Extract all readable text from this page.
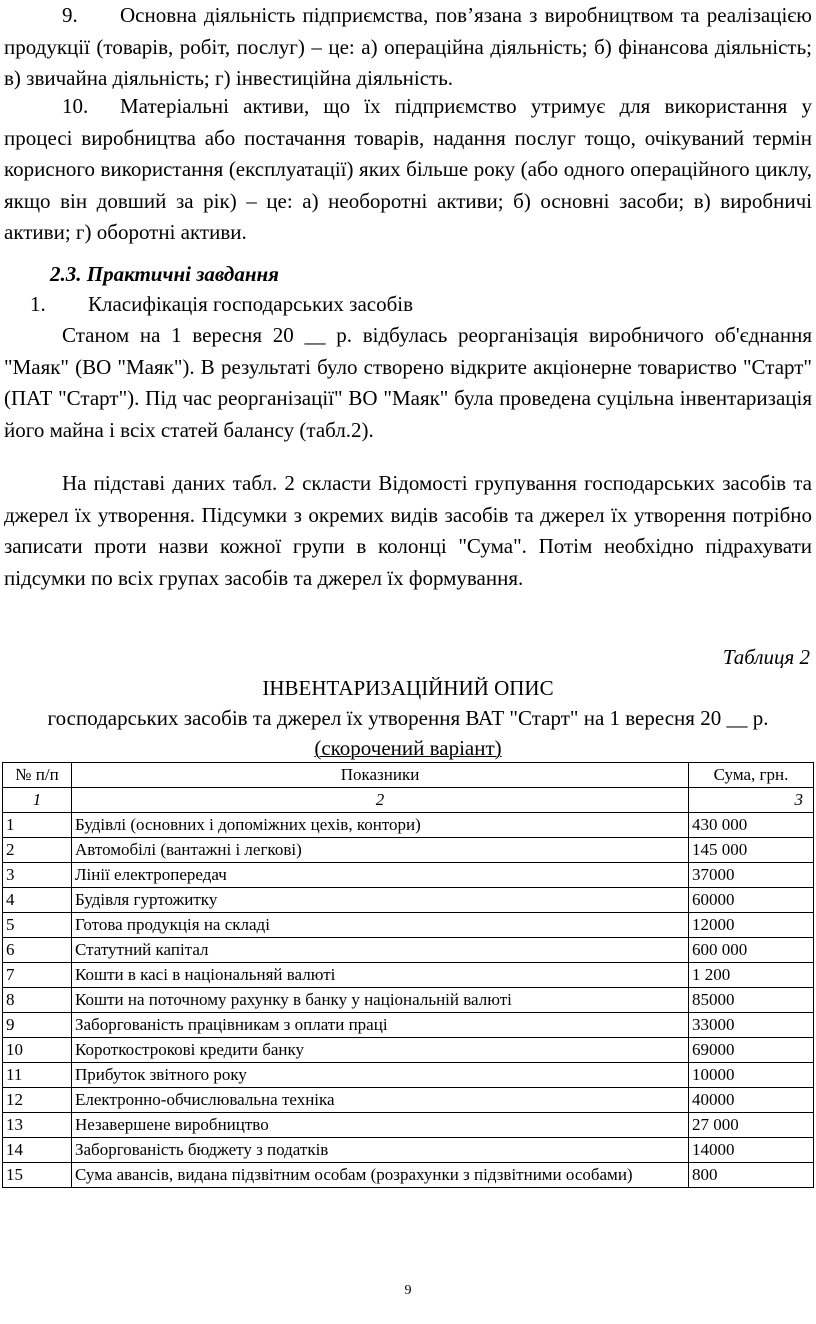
9. Основна діяльність підприємства, пов’язана з виробництвом та реалізацією продукції (товарів, робіт, послуг) – це: а) операційна діяльність; б) фінансова діяльність; в) звичайна діяльність; г) інвестиційна діяльність.

10. Матеріальні активи, що їх підприємство утримує для використання у процесі виробництва або постачання товарів, надання послуг тощо, очікуваний термін корисного використання (експлуатації) яких більше року (або одного операційного циклу, якщо він довший за рік) – це: а) необоротні активи; б) основні засоби; в) виробничі активи; г) оборотні активи.

2.3. Практичні завдання

1. Класифікація господарських засобів

Станом на 1 вересня 20 __ р. відбулась реорганізація виробничого об'єднання "Маяк" (ВО "Маяк"). В результаті було створено відкрите акціонерне товариство "Старт" (ПАТ "Старт"). Під час реорганізації" ВО "Маяк" була проведена суцільна інвентаризація його майна і всіх статей балансу (табл.2).

На підставі даних табл. 2 скласти Відомості групування господарських засобів та джерел їх утворення. Підсумки з окремих видів засобів та джерел їх утворення потрібно записати проти назви кожної групи в колонці "Сума". Потім необхідно підрахувати підсумки по всіх групах засобів та джерел їх формування.

Таблиця 2

ІНВЕНТАРИЗАЦІЙНИЙ ОПИС

господарських засобів та джерел їх утворення ВАТ "Старт" на 1 вересня 20 __ р.

(скорочений варіант)

№ п/п	Показники	Сума, грн.
1	2	3
1	Будівлі (основних і допоміжних цехів, контори)	430 000
2	Автомобілі (вантажні і легкові)	145 000
3	Лінії електропередач	37000
4	Будівля гуртожитку	60000
5	Готова продукція на складі	12000
6	Статутний капітал	600 000
7	Кошти в касі в національняй валюті	1 200
8	Кошти на поточному рахунку в банку у національній валюті	85000
9	Заборгованість працівникам з оплати праці	33000
10	Короткострокові кредити банку	69000
11	Прибуток звітного року	10000
12	Електронно-обчислювальна техніка	40000
13	Незавершене виробництво	27 000
14	Заборгованість бюджету з податків	14000
15	Сума авансів, видана підзвітним особам (розрахунки з підзвітними особами)	800
9
